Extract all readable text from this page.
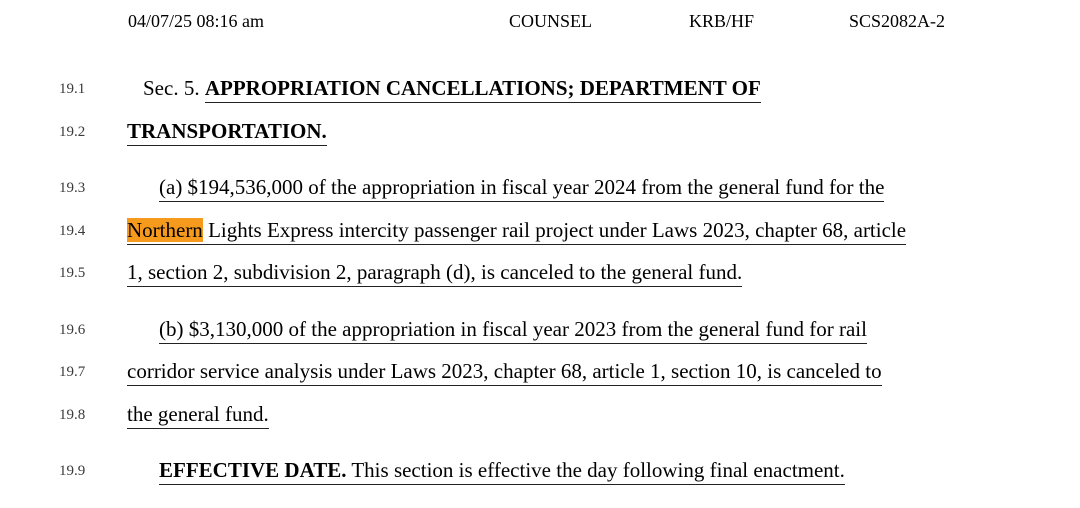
04/07/25 08:16 am	COUNSEL	KRB/HF	SCS2082A-2
19.1
19.2
19.3
19.4
19.5
19.6
19.7
19.8
19.9
Sec. 5. APPROPRIATION CANCELLATIONS; DEPARTMENT OF
TRANSPORTATION.
(a) $194,536,000 of the appropriation in fiscal year 2024 from the general fund for the
Northern Lights Express intercity passenger rail project under Laws 2023, chapter 68, article
1, section 2, subdivision 2, paragraph (d), is canceled to the general fund.
(b) $3,130,000 of the appropriation in fiscal year 2023 from the general fund for rail
corridor service analysis under Laws 2023, chapter 68, article 1, section 10, is canceled to
the general fund.
EFFECTIVE DATE. This section is effective the day following final enactment.
